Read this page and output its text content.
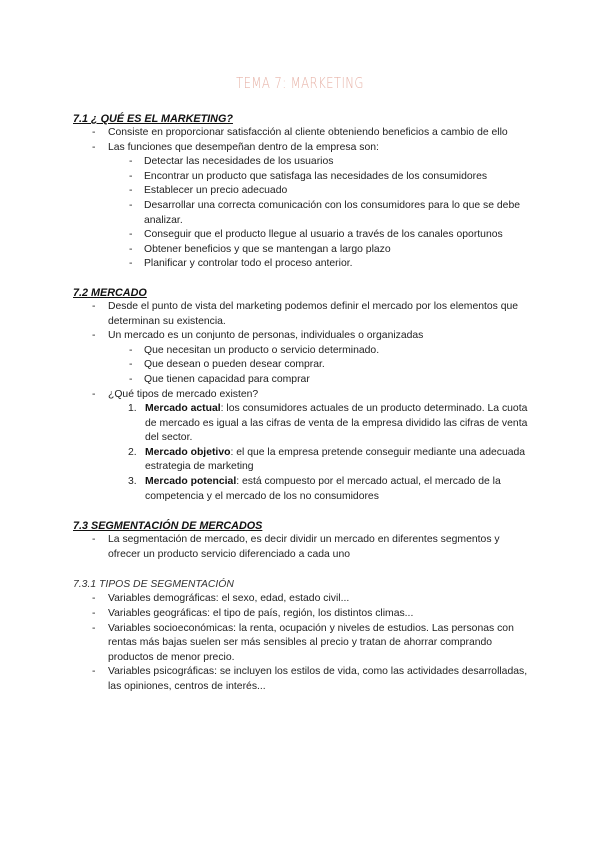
TEMA 7: MARKETING
7.1 ¿ QUÉ ES EL MARKETING?
- Consiste en proporcionar satisfacción al cliente obteniendo beneficios a cambio de ello
- Las funciones que desempeñan dentro de la empresa son:
- Detectar las necesidades de los usuarios
- Encontrar un producto que satisfaga las necesidades de los consumidores
- Establecer un precio adecuado
- Desarrollar una correcta comunicación con los consumidores para lo que se debe analizar.
- Conseguir que el producto llegue al usuario a través de los canales oportunos
- Obtener beneficios y que se mantengan a largo plazo
- Planificar y controlar todo el proceso anterior.
7.2 MERCADO
- Desde el punto de vista del marketing podemos definir el mercado por los elementos que determinan su existencia.
- Un mercado es un conjunto de personas, individuales o organizadas
- Que necesitan un producto o servicio determinado.
- Que desean o pueden desear comprar.
- Que tienen capacidad para comprar
- ¿Qué tipos de mercado existen?
1. Mercado actual: los consumidores actuales de un producto determinado. La cuota de mercado es igual a las cifras de venta de la empresa dividido las cifras de venta del sector.
2. Mercado objetivo: el que la empresa pretende conseguir mediante una adecuada estrategia de marketing
3. Mercado potencial: está compuesto por el mercado actual, el mercado de la competencia y el mercado de los no consumidores
7.3 SEGMENTACIÓN DE MERCADOS
- La segmentación de mercado, es decir dividir un mercado en diferentes segmentos y ofrecer un producto servicio diferenciado a cada uno
7.3.1 TIPOS DE SEGMENTACIÓN
- Variables demográficas: el sexo, edad, estado civil...
- Variables geográficas: el tipo de país, región, los distintos climas...
- Variables socioeconómicas: la renta, ocupación y niveles de estudios. Las personas con rentas más bajas suelen ser más sensibles al precio y tratan de ahorrar comprando productos de menor precio.
- Variables psicográficas: se incluyen los estilos de vida, como las actividades desarrolladas, las opiniones, centros de interés...
